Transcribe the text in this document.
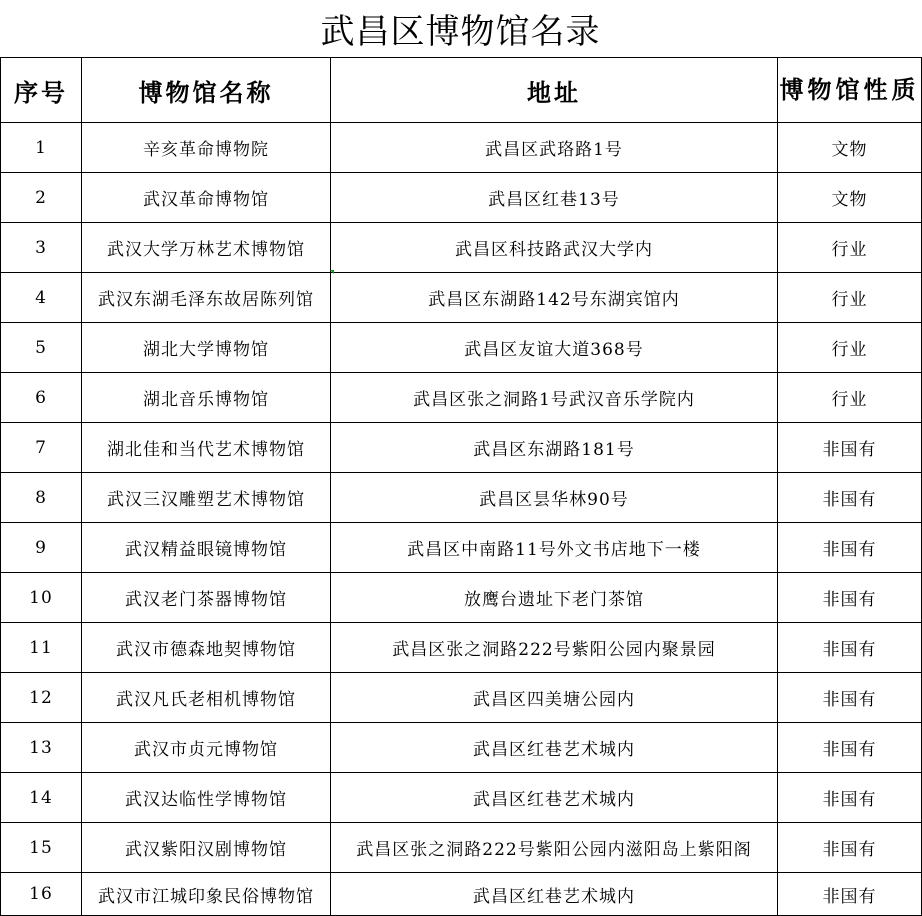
武昌区博物馆名录
序号	博物馆名称	地址	博物馆性质
1	辛亥革命博物院	武昌区武珞路1号	文物
2	武汉革命博物馆	武昌区红巷13号	文物
3	武汉大学万林艺术博物馆	武昌区科技路武汉大学内	行业
4	武汉东湖毛泽东故居陈列馆	武昌区东湖路142号东湖宾馆内	行业
5	湖北大学博物馆	武昌区友谊大道368号	行业
6	湖北音乐博物馆	武昌区张之洞路1号武汉音乐学院内	行业
7	湖北佳和当代艺术博物馆	武昌区东湖路181号	非国有
8	武汉三汉雕塑艺术博物馆	武昌区昙华林90号	非国有
9	武汉精益眼镜博物馆	武昌区中南路11号外文书店地下一楼	非国有
10	武汉老门茶器博物馆	放鹰台遗址下老门茶馆	非国有
11	武汉市德森地契博物馆	武昌区张之洞路222号紫阳公园内聚景园	非国有
12	武汉凡氏老相机博物馆	武昌区四美塘公园内	非国有
13	武汉市贞元博物馆	武昌区红巷艺术城内	非国有
14	武汉达临性学博物馆	武昌区红巷艺术城内	非国有
15	武汉紫阳汉剧博物馆	武昌区张之洞路222号紫阳公园内滋阳岛上紫阳阁	非国有
16	武汉市江城印象民俗博物馆	武昌区红巷艺术城内	非国有
